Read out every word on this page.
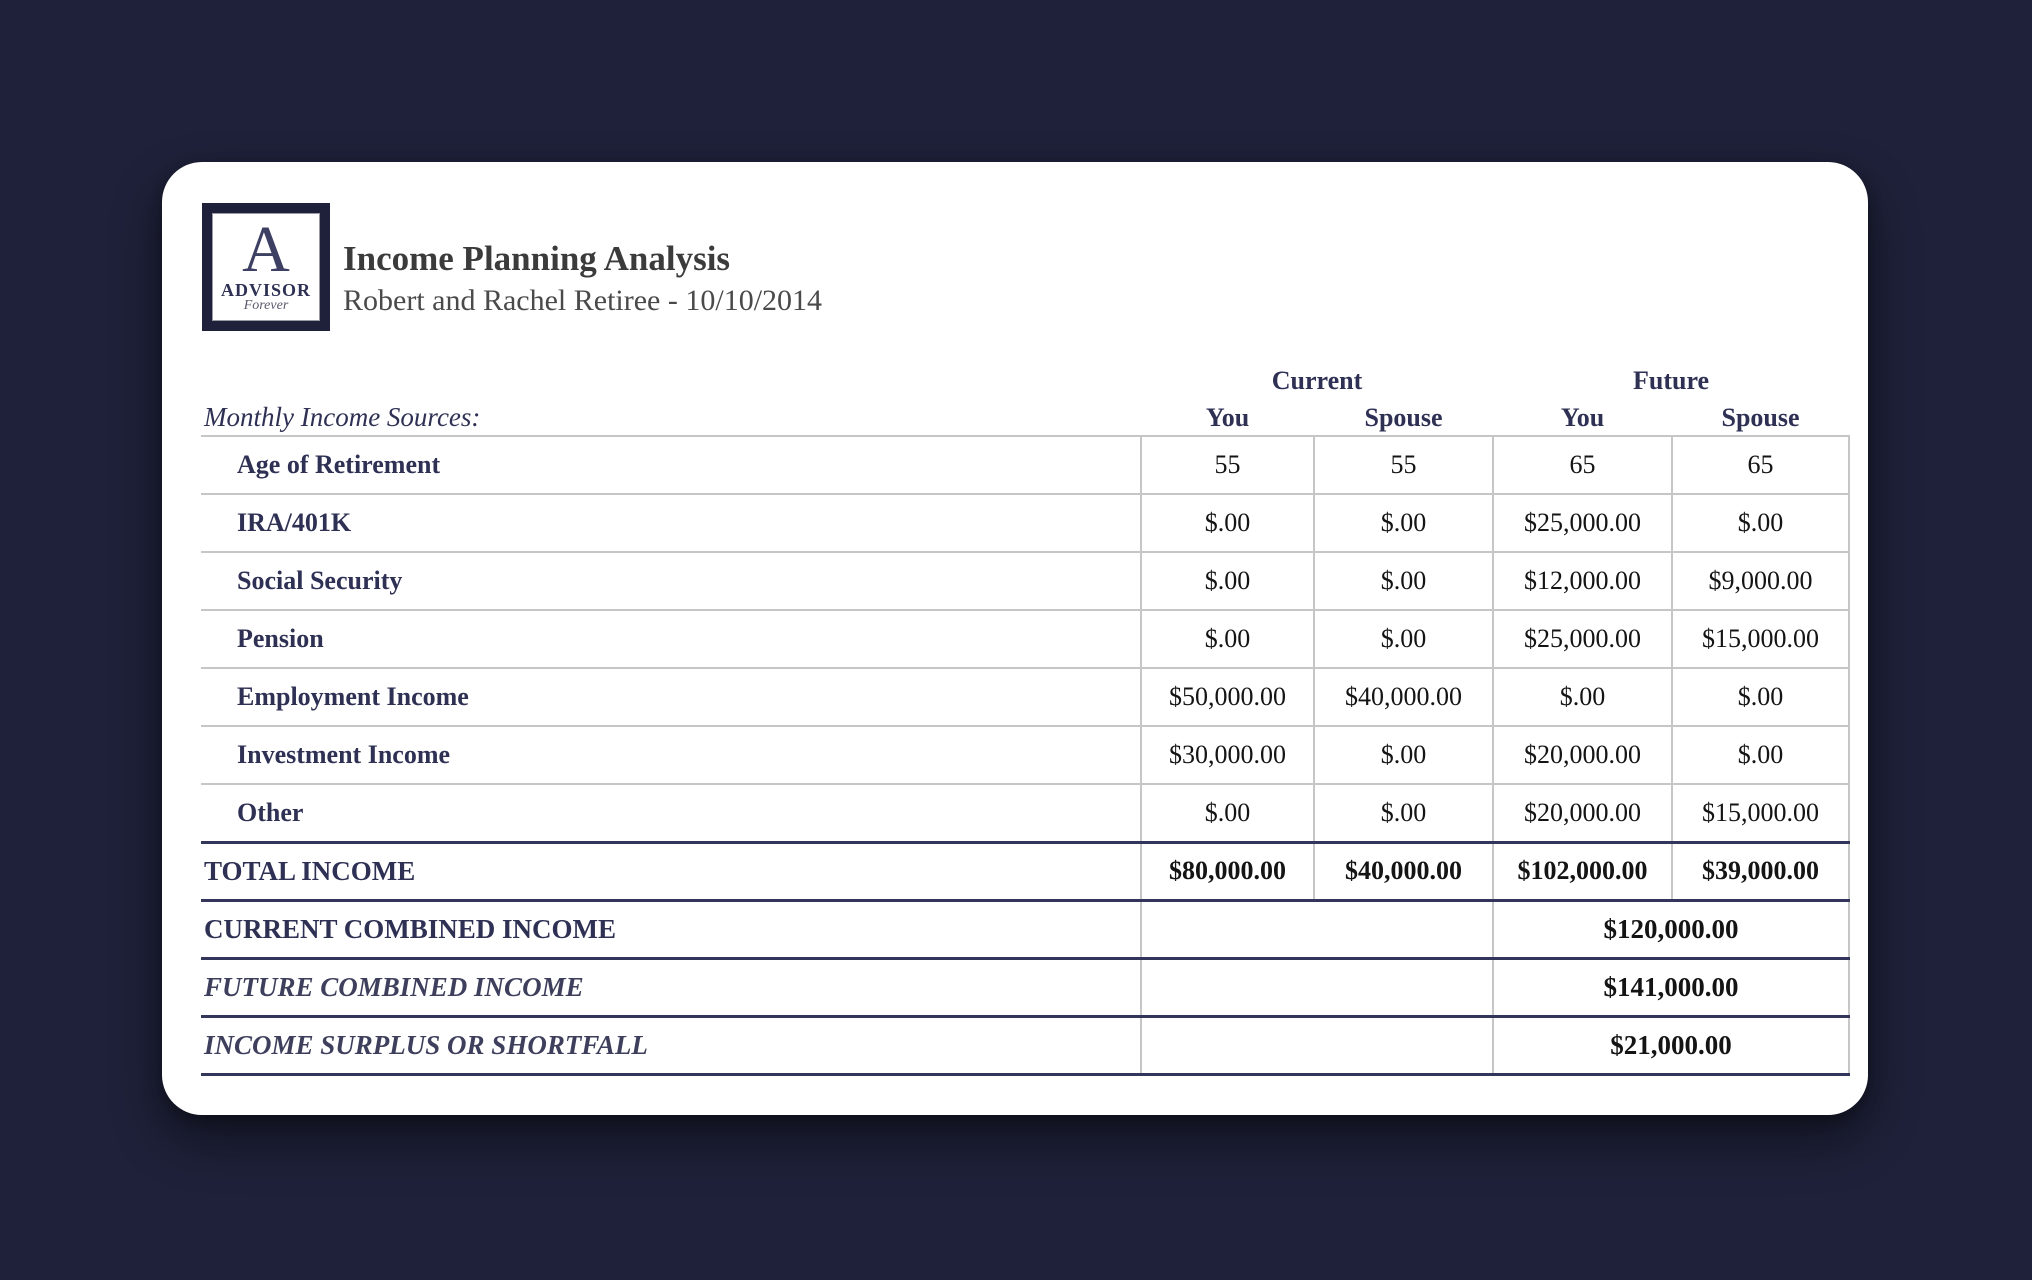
A
ADVISOR
Forever
Income Planning Analysis
Robert and Rachel Retiree - 10/10/2014
	Current		Future	
Monthly Income Sources:	You	Spouse	You	Spouse
Age of Retirement	55	55	65	65
IRA/401K	$.00	$.00	$25,000.00	$.00
Social Security	$.00	$.00	$12,000.00	$9,000.00
Pension	$.00	$.00	$25,000.00	$15,000.00
Employment Income	$50,000.00	$40,000.00	$.00	$.00
Investment Income	$30,000.00	$.00	$20,000.00	$.00
Other	$.00	$.00	$20,000.00	$15,000.00
TOTAL INCOME	$80,000.00	$40,000.00	$102,000.00	$39,000.00
CURRENT COMBINED INCOME			$120,000.00	
FUTURE COMBINED INCOME			$141,000.00	
INCOME SURPLUS OR SHORTFALL			$21,000.00	
